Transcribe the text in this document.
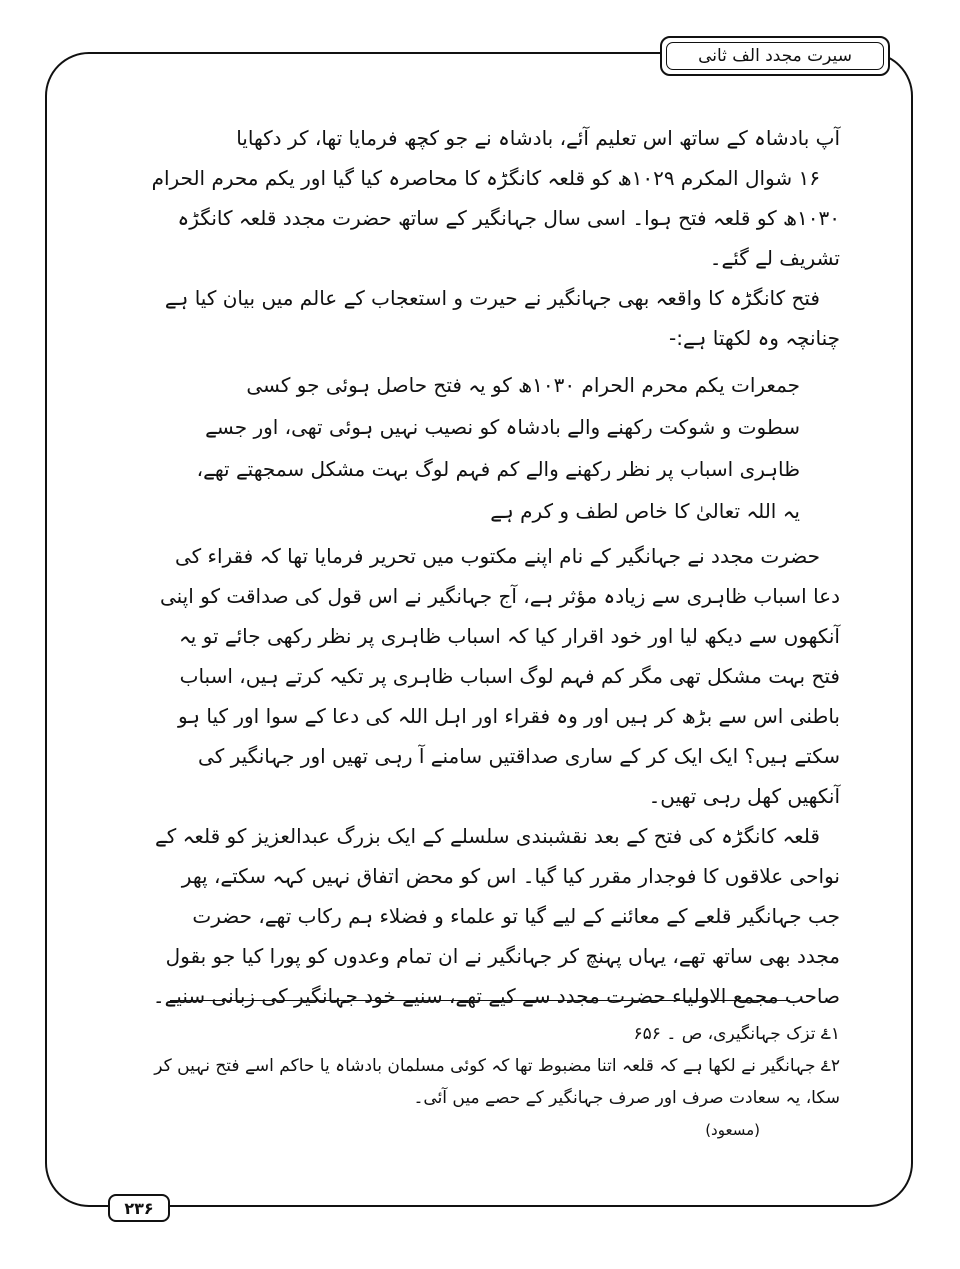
سیرت مجدد الف ثانی

آپ بادشاہ کے ساتھ اس تعلیم آئے، بادشاہ نے جو کچھ فرمایا تھا، کر دکھایا

۱۶ شوال المکرم ۱۰۲۹ھ کو قلعہ کانگڑہ کا محاصرہ کیا گیا اور یکم محرم الحرام ۱۰۳۰ھ کو قلعہ فتح ہوا۔ اسی سال جہانگیر کے ساتھ حضرت مجدد قلعہ کانگڑہ تشریف لے گئے۔

فتح کانگڑہ کا واقعہ بھی جہانگیر نے حیرت و استعجاب کے عالم میں بیان کیا ہے چنانچہ وہ لکھتا ہے:-

جمعرات یکم محرم الحرام ۱۰۳۰ھ کو یہ فتح حاصل ہوئی جو کسی سطوت و شوکت رکھنے والے بادشاہ کو نصیب نہیں ہوئی تھی، اور جسے ظاہری اسباب پر نظر رکھنے والے کم فہم لوگ بہت مشکل سمجھتے تھے، یہ اللہ تعالیٰ کا خاص لطف و کرم ہے

حضرت مجدد نے جہانگیر کے نام اپنے مکتوب میں تحریر فرمایا تھا کہ فقراء کی دعا اسباب ظاہری سے زیادہ مؤثر ہے، آج جہانگیر نے اس قول کی صداقت کو اپنی آنکھوں سے دیکھ لیا اور خود اقرار کیا کہ اسباب ظاہری پر نظر رکھی جائے تو یہ فتح بہت مشکل تھی مگر کم فہم لوگ اسباب ظاہری پر تکیہ کرتے ہیں، اسباب باطنی اس سے بڑھ کر ہیں اور وہ فقراء اور اہل اللہ کی دعا کے سوا اور کیا ہو سکتے ہیں؟ ایک ایک کر کے ساری صداقتیں سامنے آ رہی تھیں اور جہانگیر کی آنکھیں کھل رہی تھیں۔

قلعہ کانگڑہ کی فتح کے بعد نقشبندی سلسلے کے ایک بزرگ عبدالعزیز کو قلعہ کے نواحی علاقوں کا فوجدار مقرر کیا گیا۔ اس کو محض اتفاق نہیں کہہ سکتے، پھر جب جہانگیر قلعے کے معائنے کے لیے گیا تو علماء و فضلاء ہم رکاب تھے، حضرت مجدد بھی ساتھ تھے، یہاں پہنچ کر جہانگیر نے ان تمام وعدوں کو پورا کیا جو بقول صاحب مجمع الاولیاء حضرت مجدد سے کیے تھے، سنیے خود جہانگیر کی زبانی سنیے۔

۱ۓ تزک جہانگیری، ص ۔ ۶۵۶
۲ۓ جہانگیر نے لکھا ہے کہ قلعہ اتنا مضبوط تھا کہ کوئی مسلمان بادشاہ یا حاکم اسے فتح نہیں کر سکا، یہ سعادت صرف اور صرف جہانگیر کے حصے میں آئی۔
(مسعود)
۲۳۶
